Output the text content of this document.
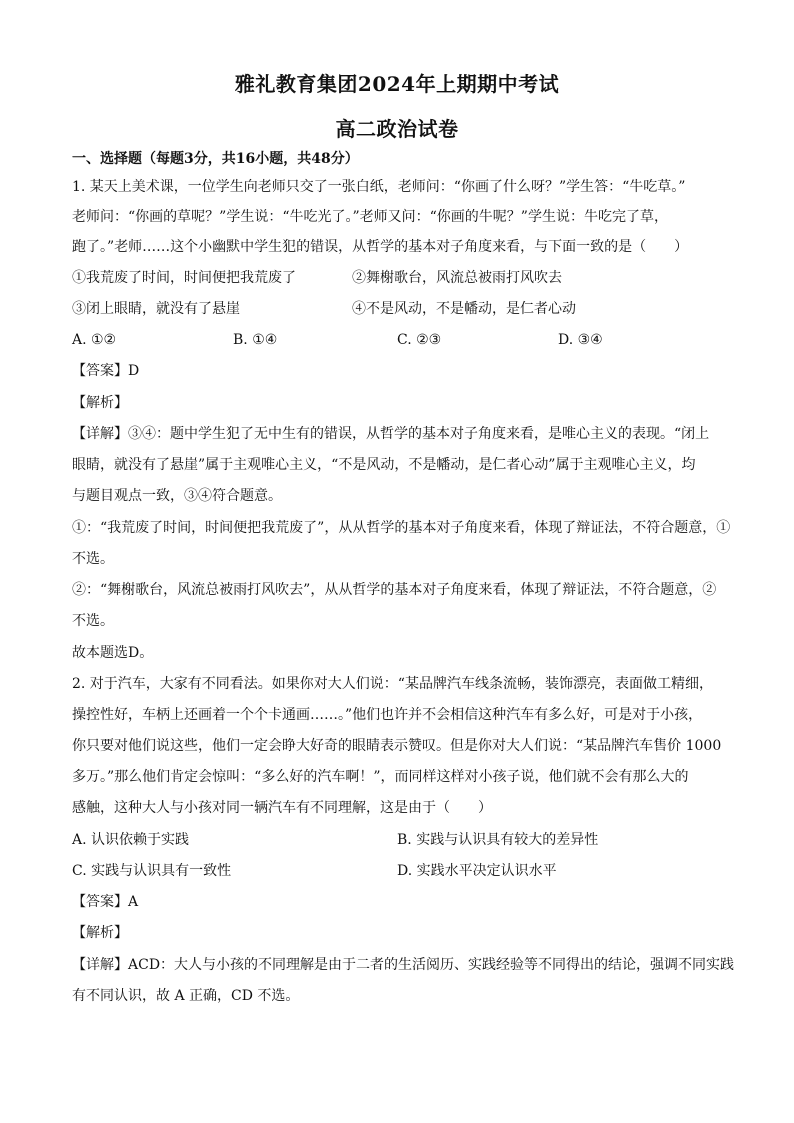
雅礼教育集团2024年上期期中考试
高二政治试卷
一、选择题（每题3分，共16小题，共48分）
1. 某天上美术课，一位学生向老师只交了一张白纸，老师问：“你画了什么呀？”学生答：“牛吃草。”
老师问：“你画的草呢？”学生说：“牛吃光了。”老师又问：“你画的牛呢？”学生说：牛吃完了草，
跑了。”老师……这个小幽默中学生犯的错误，从哲学的基本对子角度来看，与下面一致的是（　　）
①我荒废了时间，时间便把我荒废了	②舞榭歌台，风流总被雨打风吹去
③闭上眼睛，就没有了悬崖	④不是风动，不是幡动，是仁者心动
A. ①②	B. ①④	C. ②③	D. ③④
【答案】D
【解析】
【详解】③④：题中学生犯了无中生有的错误，从哲学的基本对子角度来看，是唯心主义的表现。“闭上
眼睛，就没有了悬崖”属于主观唯心主义，“不是风动，不是幡动，是仁者心动”属于主观唯心主义，均
与题目观点一致，③④符合题意。
①：“我荒废了时间，时间便把我荒废了”，从从哲学的基本对子角度来看，体现了辩证法，不符合题意，①
不选。
②：“舞榭歌台，风流总被雨打风吹去”，从从哲学的基本对子角度来看，体现了辩证法，不符合题意，②
不选。
故本题选D。
2. 对于汽车，大家有不同看法。如果你对大人们说：“某品牌汽车线条流畅，装饰漂亮，表面做工精细，
操控性好，车柄上还画着一个个卡通画……。”他们也许并不会相信这种汽车有多么好，可是对于小孩，
你只要对他们说这些，他们一定会睁大好奇的眼睛表示赞叹。但是你对大人们说：“某品牌汽车售价 1000
多万。”那么他们肯定会惊叫：“多么好的汽车啊！”，而同样这样对小孩子说，他们就不会有那么大的
感触，这种大人与小孩对同一辆汽车有不同理解，这是由于（　　）
A. 认识依赖于实践	B. 实践与认识具有较大的差异性
C. 实践与认识具有一致性	D. 实践水平决定认识水平
【答案】A
【解析】
【详解】ACD：大人与小孩的不同理解是由于二者的生活阅历、实践经验等不同得出的结论，强调不同实践
有不同认识，故 A 正确，CD 不选。
